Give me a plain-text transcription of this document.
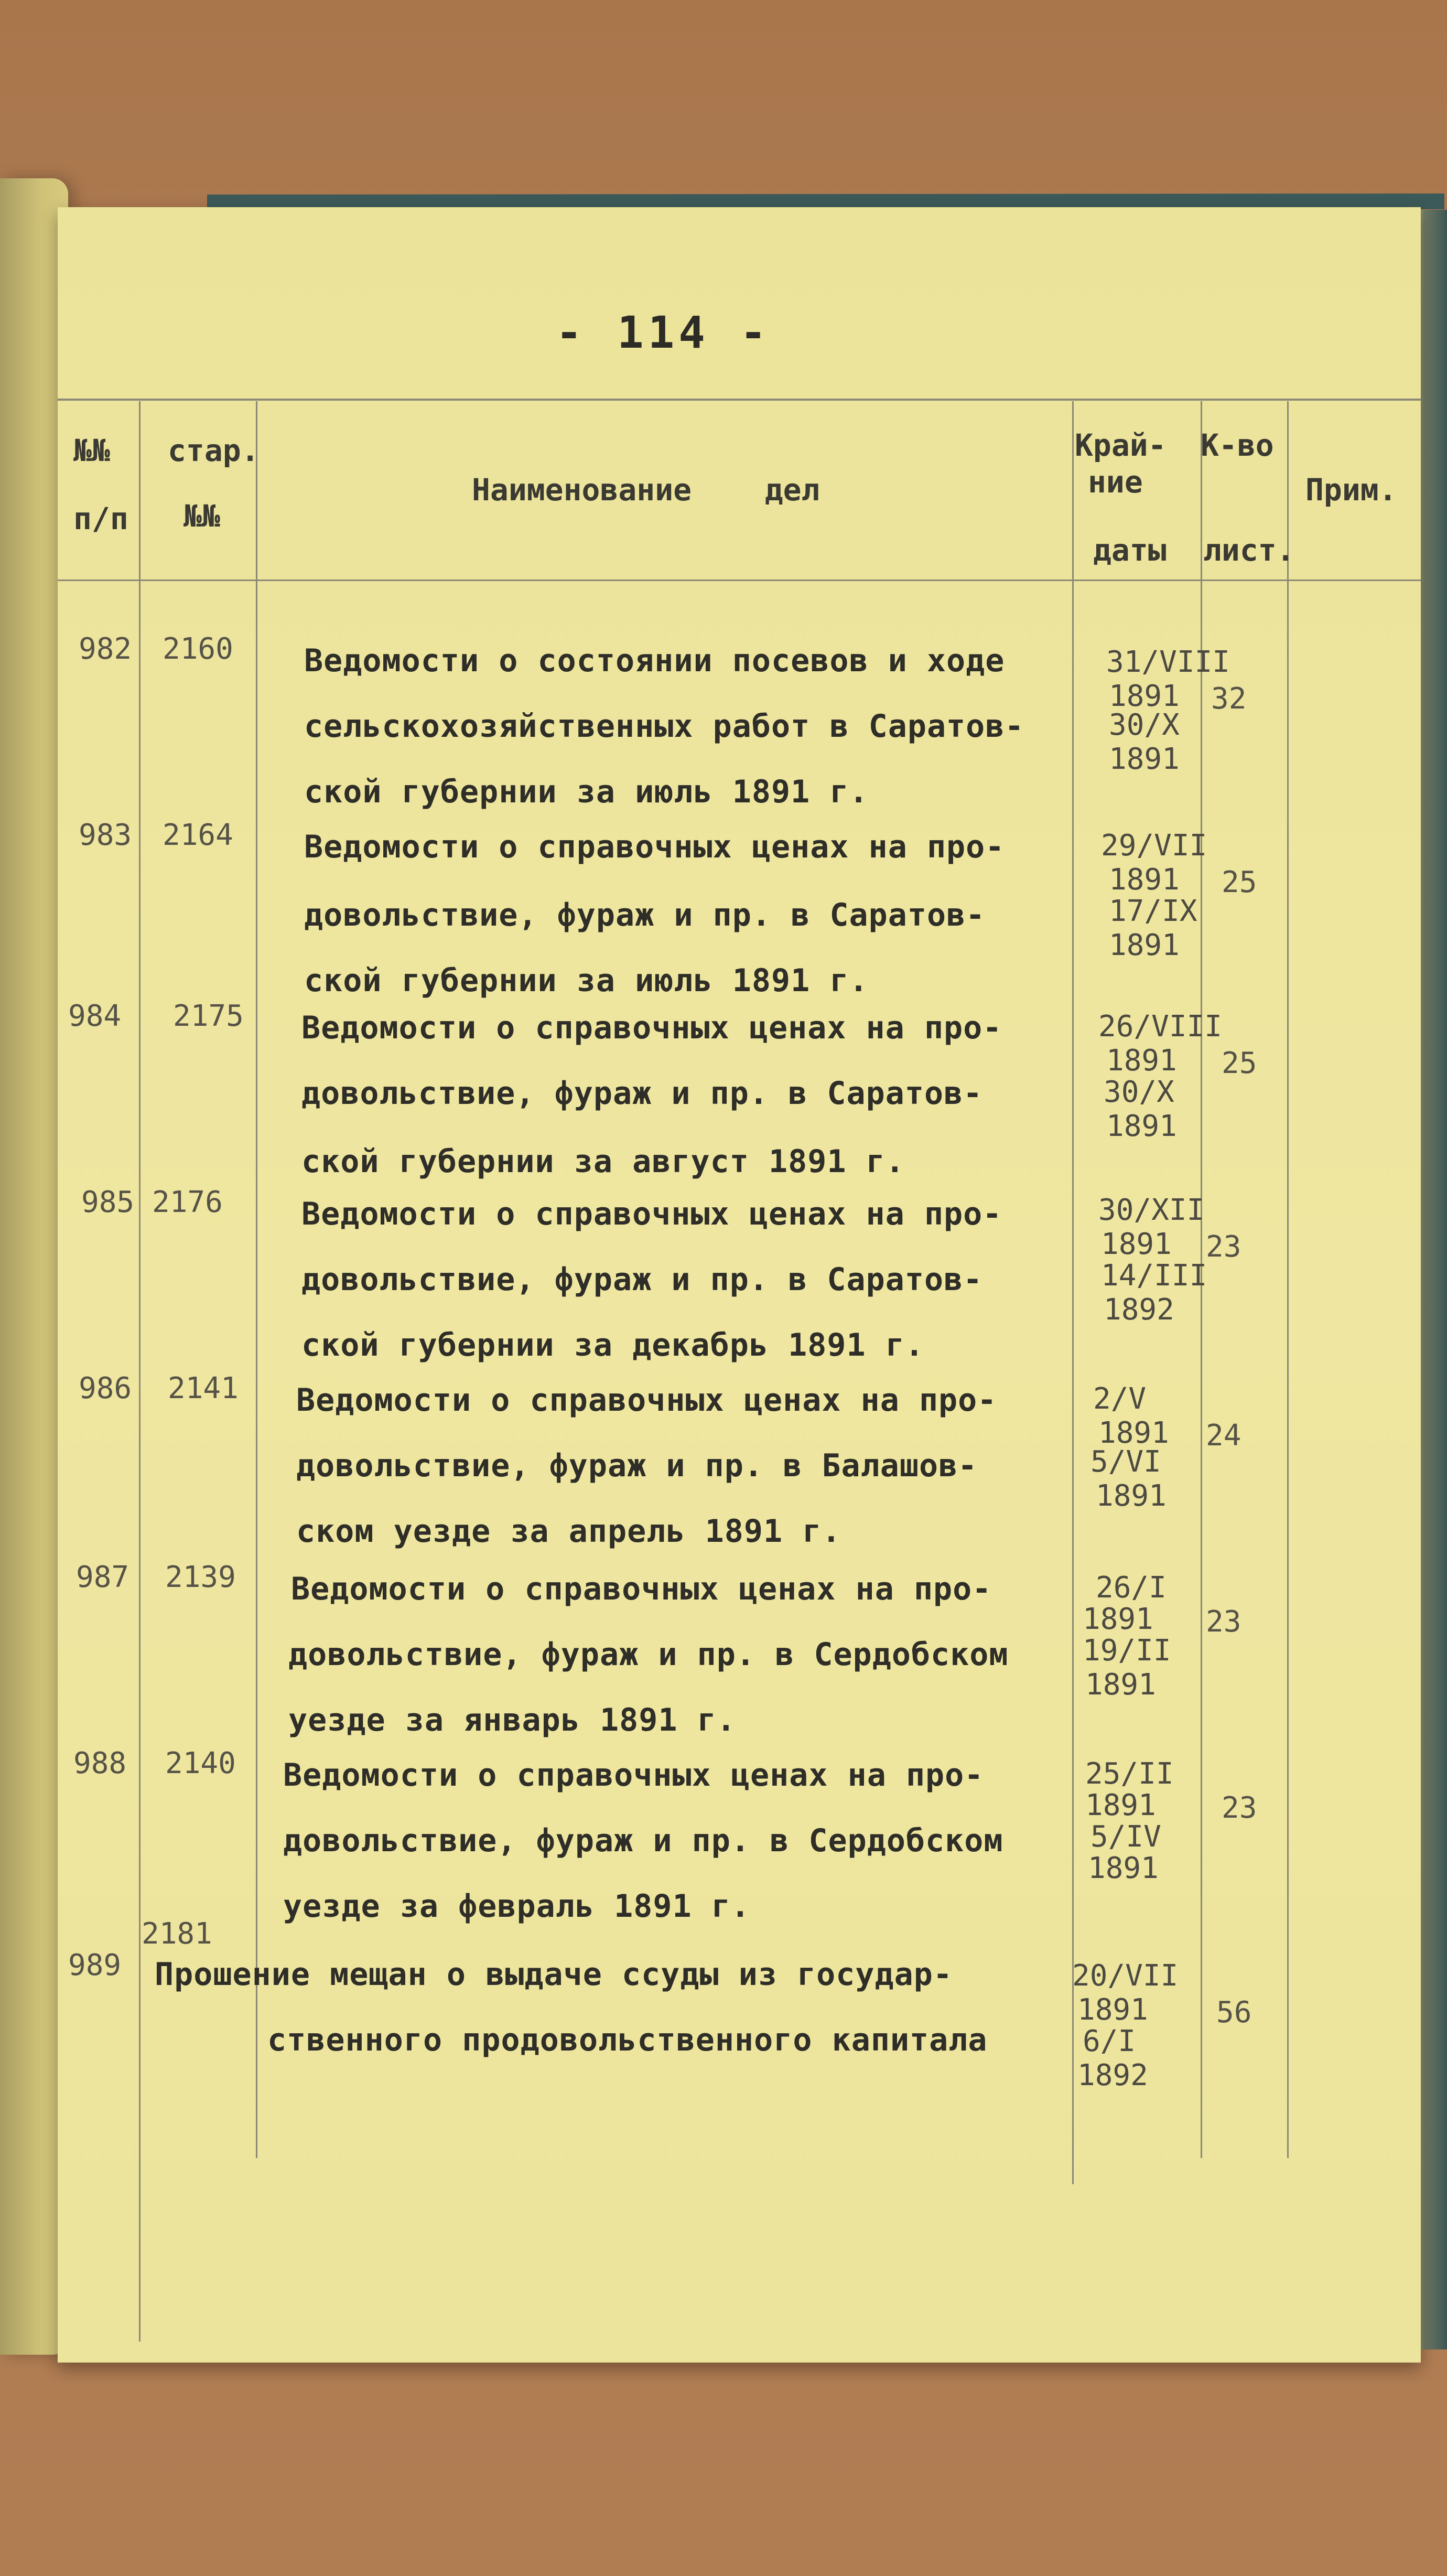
- 114 -
№№
п/п
стар.
№№
Наименование    дел
Край-
ние
даты
К-во
лист.
Прим.
982 2160 Ведомости о состоянии посевов и ходе
сельскохозяйственных работ в Саратов-
ской губернии за июль 1891 г.
31/VIII
1891
30/X
1891
32
983 2164 Ведомости о справочных ценах на про-
довольствие, фураж и пр. в Саратов-
ской губернии за июль 1891 г.
29/VII
1891
17/IX
1891
25
984 2175 Ведомости о справочных ценах на про-
довольствие, фураж и пр. в Саратов-
ской губернии за август 1891 г.
26/VIII
1891
30/X
1891
25
985 2176	Ведомости о справочных ценах на про-
довольствие, фураж и пр. в Саратов-
ской губернии за декабрь 1891 г.
30/XII
1891
14/III
1892
23
986 2141 Ведомости о справочных ценах на про-
довольствие, фураж и пр. в Балашов-
ском уезде за апрель 1891 г.
2/V
1891
5/VI
1891
24
987 2139 Ведомости о справочных ценах на про-
довольствие, фураж и пр. в Сердобском
уезде за январь 1891 г.
26/I
1891
19/II
1891
23
988 2140 Ведомости о справочных ценах на про-
довольствие, фураж и пр. в Сердобском
уезде за февраль 1891 г.
25/II
1891
5/IV
1891
23
2181
989 Прошение мещан о выдаче ссуды из государ-
ственного продовольственного капитала
20/VII
1891
6/I
1892
56
